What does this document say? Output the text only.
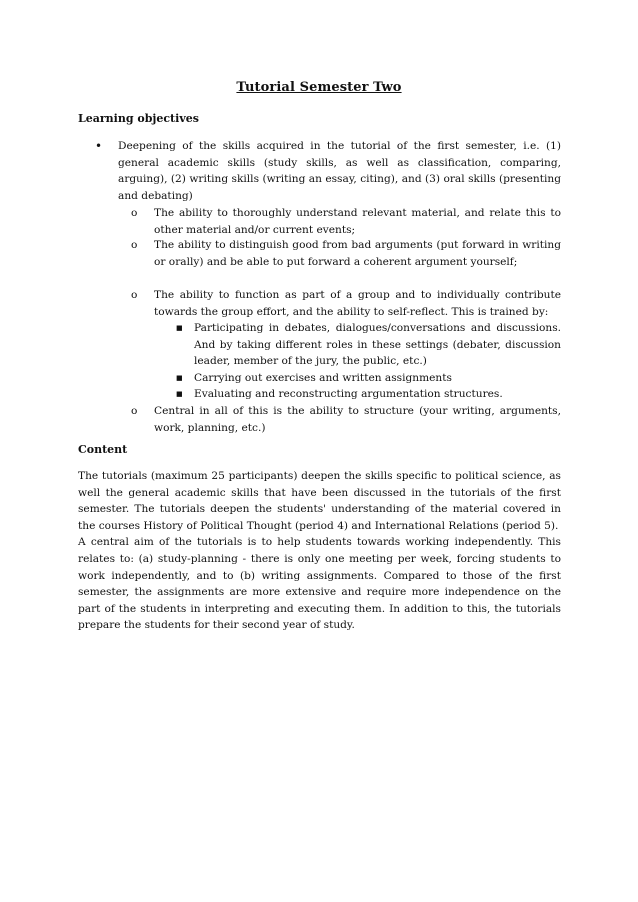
Tutorial Semester Two
Learning objectives
• Deepening of the skills acquired in the tutorial of the first semester, i.e. (1) general academic skills (study skills, as well as classification, comparing, arguing), (2) writing skills (writing an essay, citing), and (3) oral skills (presenting and debating)
o The ability to thoroughly understand relevant material, and relate this to other material and/or current events;
o The ability to distinguish good from bad arguments (put forward in writing or orally) and be able to put forward a coherent argument yourself;
o The ability to function as part of a group and to individually contribute towards the group effort, and the ability to self-reflect. This is trained by:
■ Participating in debates, dialogues/conversations and discussions. And by taking different roles in these settings (debater, discussion leader, member of the jury, the public, etc.)
■ Carrying out exercises and written assignments
■ Evaluating and reconstructing argumentation structures.
o Central in all of this is the ability to structure (your writing, arguments, work, planning, etc.)
Content

The tutorials (maximum 25 participants) deepen the skills specific to political science, as well the general academic skills that have been discussed in the tutorials of the first semester. The tutorials deepen the students' understanding of the material covered in the courses History of Political Thought (period 4) and International Relations (period 5).

A central aim of the tutorials is to help students towards working independently. This relates to: (a) study-planning - there is only one meeting per week, forcing students to work independently, and to (b) writing assignments. Compared to those of the first semester, the assignments are more extensive and require more independence on the part of the students in interpreting and executing them. In addition to this, the tutorials prepare the students for their second year of study.
